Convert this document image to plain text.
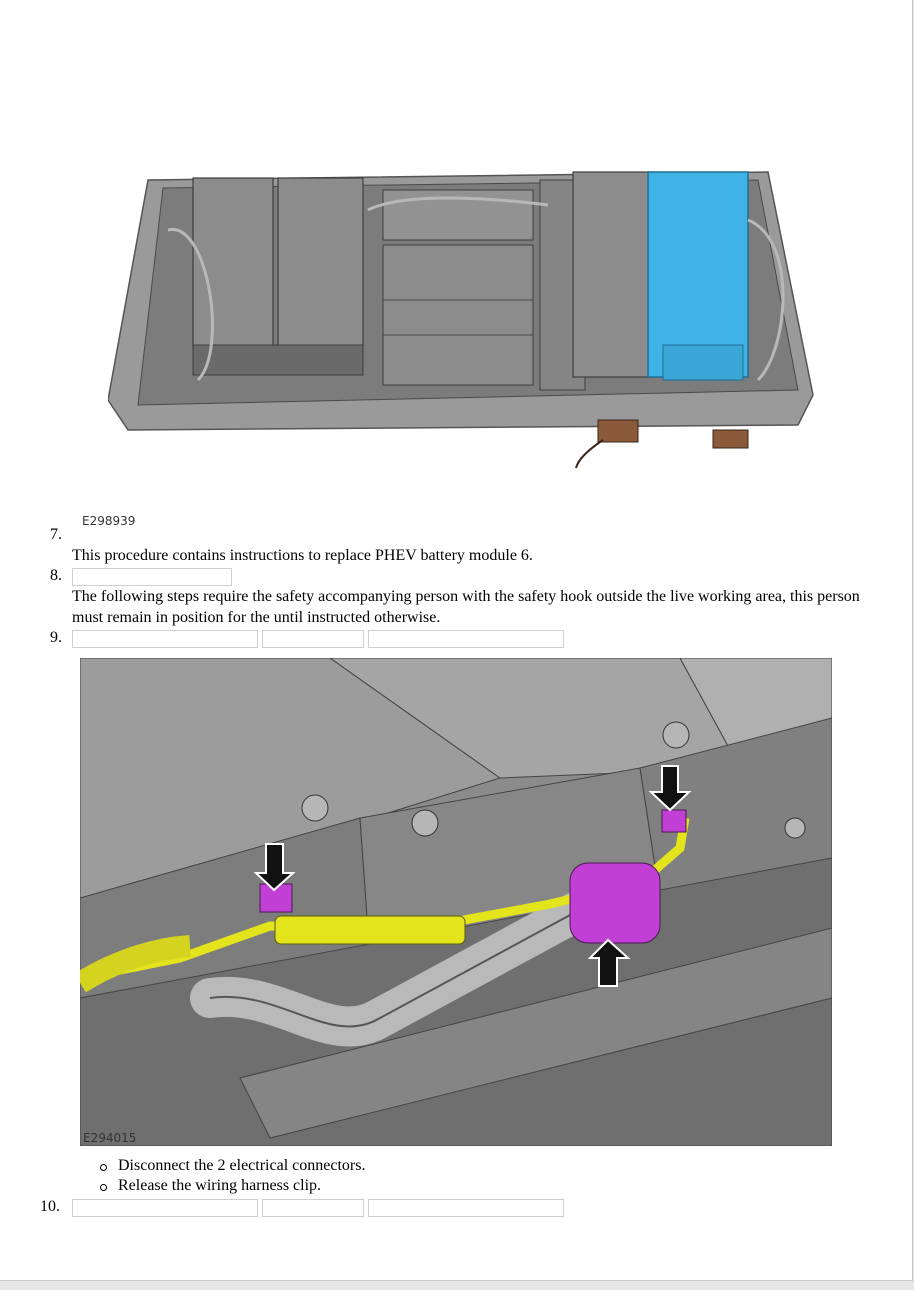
E298939
7.
This procedure contains instructions to replace PHEV battery module 6.
8.
The following steps require the safety accompanying person with the safety hook outside the live working area, this person must remain in position for the until instructed otherwise.
9.
E294015
Disconnect the 2 electrical connectors.
Release the wiring harness clip.
10.
